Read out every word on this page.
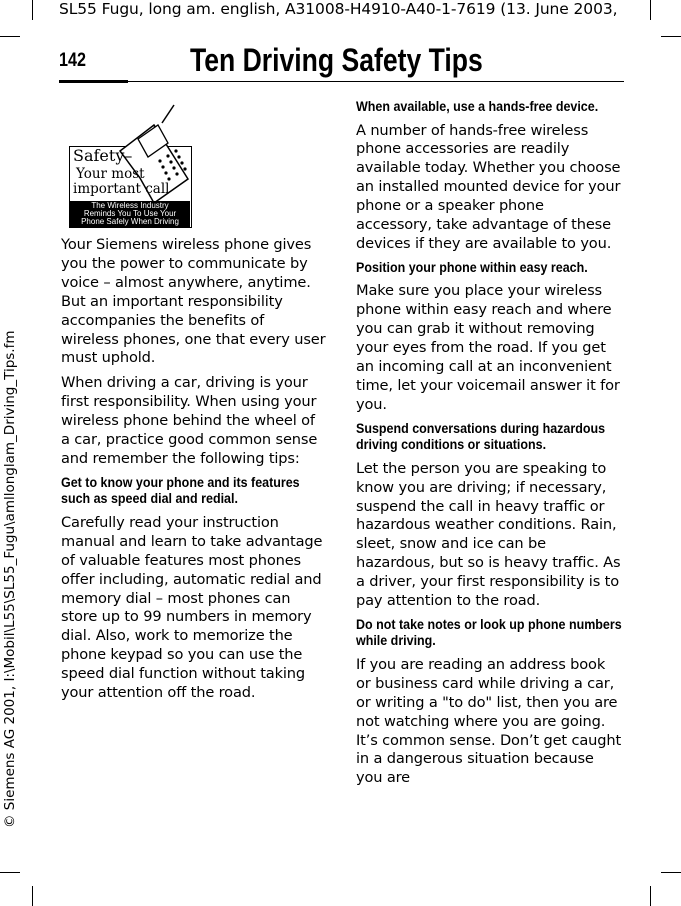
SL55 Fugu, long am. english, A31008-H4910-A40-1-7619 (13. June 2003,
© Siemens AG 2001, I:\Mobil\L55\SL55_Fugu\amllonglam_Driving_Tips.fm
142	Ten Driving Safety Tips
Safety–
Your most
important call
The Wireless Industry
Reminds You To Use Your
Phone Safely When Driving

Your Siemens wireless phone gives you the power to communicate by voice – almost anywhere, anytime. But an important responsibility accompanies the benefits of wireless phones, one that every user must uphold.

When driving a car, driving is your first responsibility. When using your wireless phone behind the wheel of a car, practice good common sense and remember the following tips:

Get to know your phone and its features such as speed dial and redial.

Carefully read your instruction manual and learn to take advantage of valuable features most phones offer including, automatic redial and memory dial – most phones can store up to 99 numbers in memory dial. Also, work to memorize the phone keypad so you can use the speed dial function without taking your attention off the road.

When available, use a hands-free device.

A number of hands-free wireless phone accessories are readily available today. Whether you choose an installed mounted device for your phone or a speaker phone accessory, take advantage of these devices if they are available to you.

Position your phone within easy reach.

Make sure you place your wireless phone within easy reach and where you can grab it without removing your eyes from the road. If you get an incoming call at an inconvenient time, let your voicemail answer it for you.

Suspend conversations during hazardous driving conditions or situations.

Let the person you are speaking to know you are driving; if necessary, suspend the call in heavy traffic or hazardous weather conditions. Rain, sleet, snow and ice can be hazardous, but so is heavy traffic. As a driver, your first responsibility is to pay attention to the road.

Do not take notes or look up phone numbers while driving.

If you are reading an address book or business card while driving a car, or writing a "to do" list, then you are not watching where you are going. It’s common sense. Don’t get caught in a dangerous situation because you are
